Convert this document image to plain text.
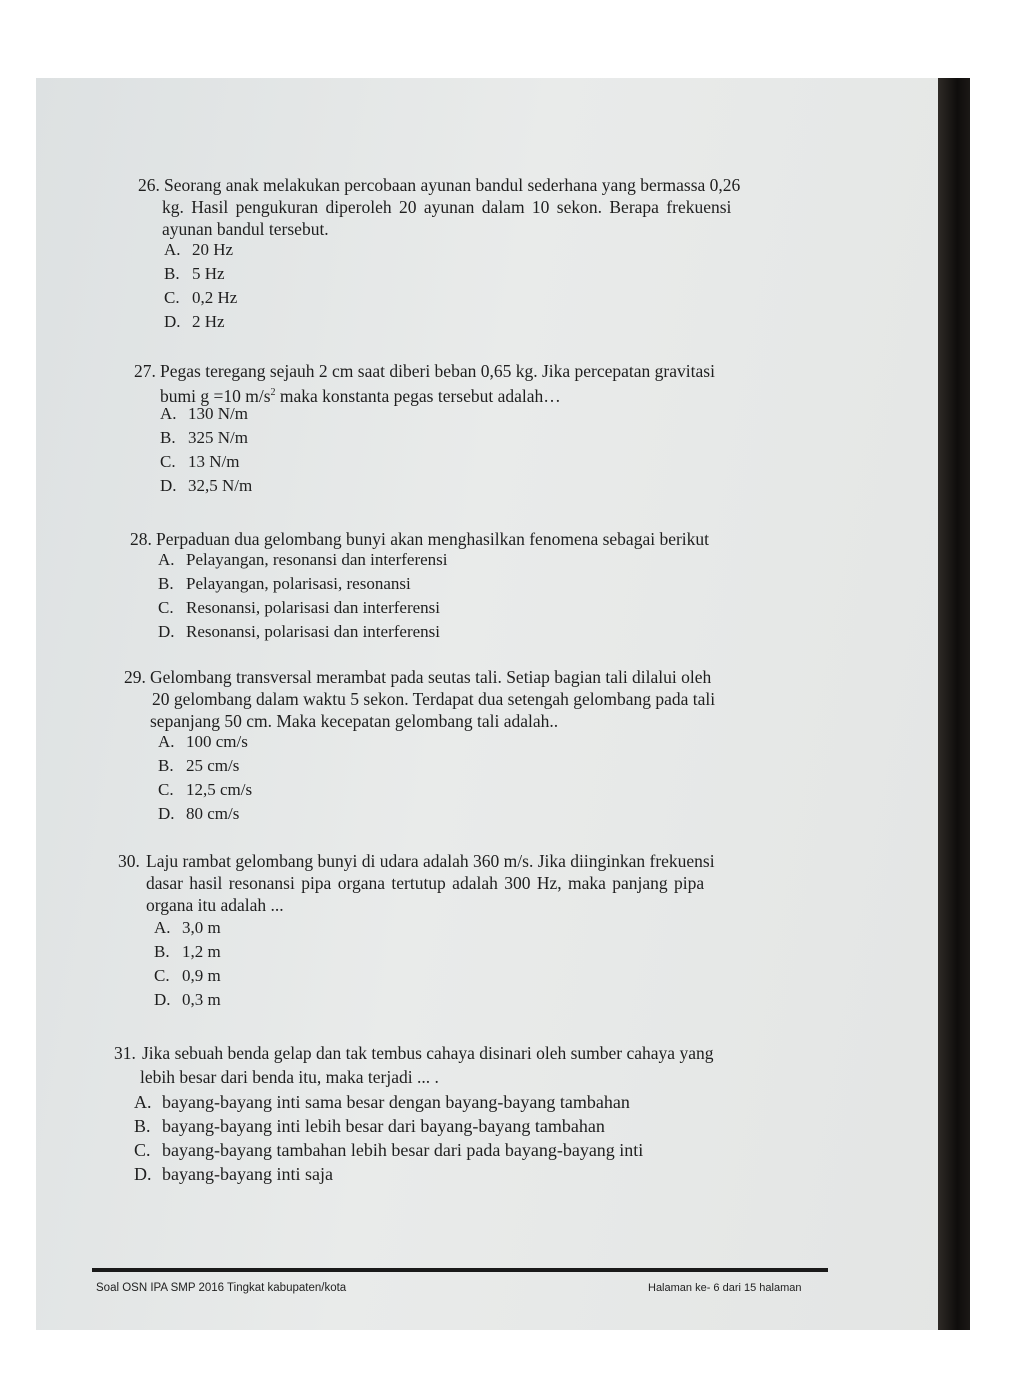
26. Seorang anak melakukan percobaan ayunan bandul sederhana yang bermassa 0,26
kg. Hasil pengukuran diperoleh 20 ayunan dalam 10 sekon. Berapa frekuensi
ayunan bandul tersebut.
A. 20 Hz
B. 5 Hz
C. 0,2 Hz
D. 2 Hz
27. Pegas teregang sejauh 2 cm saat diberi beban 0,65 kg. Jika percepatan gravitasi
bumi g =10 $m/s^2$ maka konstanta pegas tersebut adalah…
A. 130 N/m
B. 325 N/m
C. 13 N/m
D. 32,5 N/m
28. Perpaduan dua gelombang bunyi akan menghasilkan fenomena sebagai berikut
A. Pelayangan, resonansi dan interferensi
B. Pelayangan, polarisasi, resonansi
C. Resonansi, polarisasi dan interferensi
D. Resonansi, polarisasi dan interferensi
29. Gelombang transversal merambat pada seutas tali. Setiap bagian tali dilalui oleh
20 gelombang dalam waktu 5 sekon. Terdapat dua setengah gelombang pada tali
sepanjang 50 cm. Maka kecepatan gelombang tali adalah..
A. 100 cm/s
B. 25 cm/s
C. 12,5 cm/s
D. 80 cm/s
30. Laju rambat gelombang bunyi di udara adalah 360 m/s. Jika diinginkan frekuensi
dasar hasil resonansi pipa organa tertutup adalah 300 Hz, maka panjang pipa
organa itu adalah ...
A. 3,0 m
B. 1,2 m
C. 0,9 m
D. 0,3 m
31. Jika sebuah benda gelap dan tak tembus cahaya disinari oleh sumber cahaya yang
lebih besar dari benda itu, maka terjadi ... .
A. bayang-bayang inti sama besar dengan bayang-bayang tambahan
B. bayang-bayang inti lebih besar dari bayang-bayang tambahan
C. bayang-bayang tambahan lebih besar dari pada bayang-bayang inti
D. bayang-bayang inti saja
Soal OSN IPA SMP 2016 Tingkat kabupaten/kota	Halaman ke- 6 dari 15 halaman
